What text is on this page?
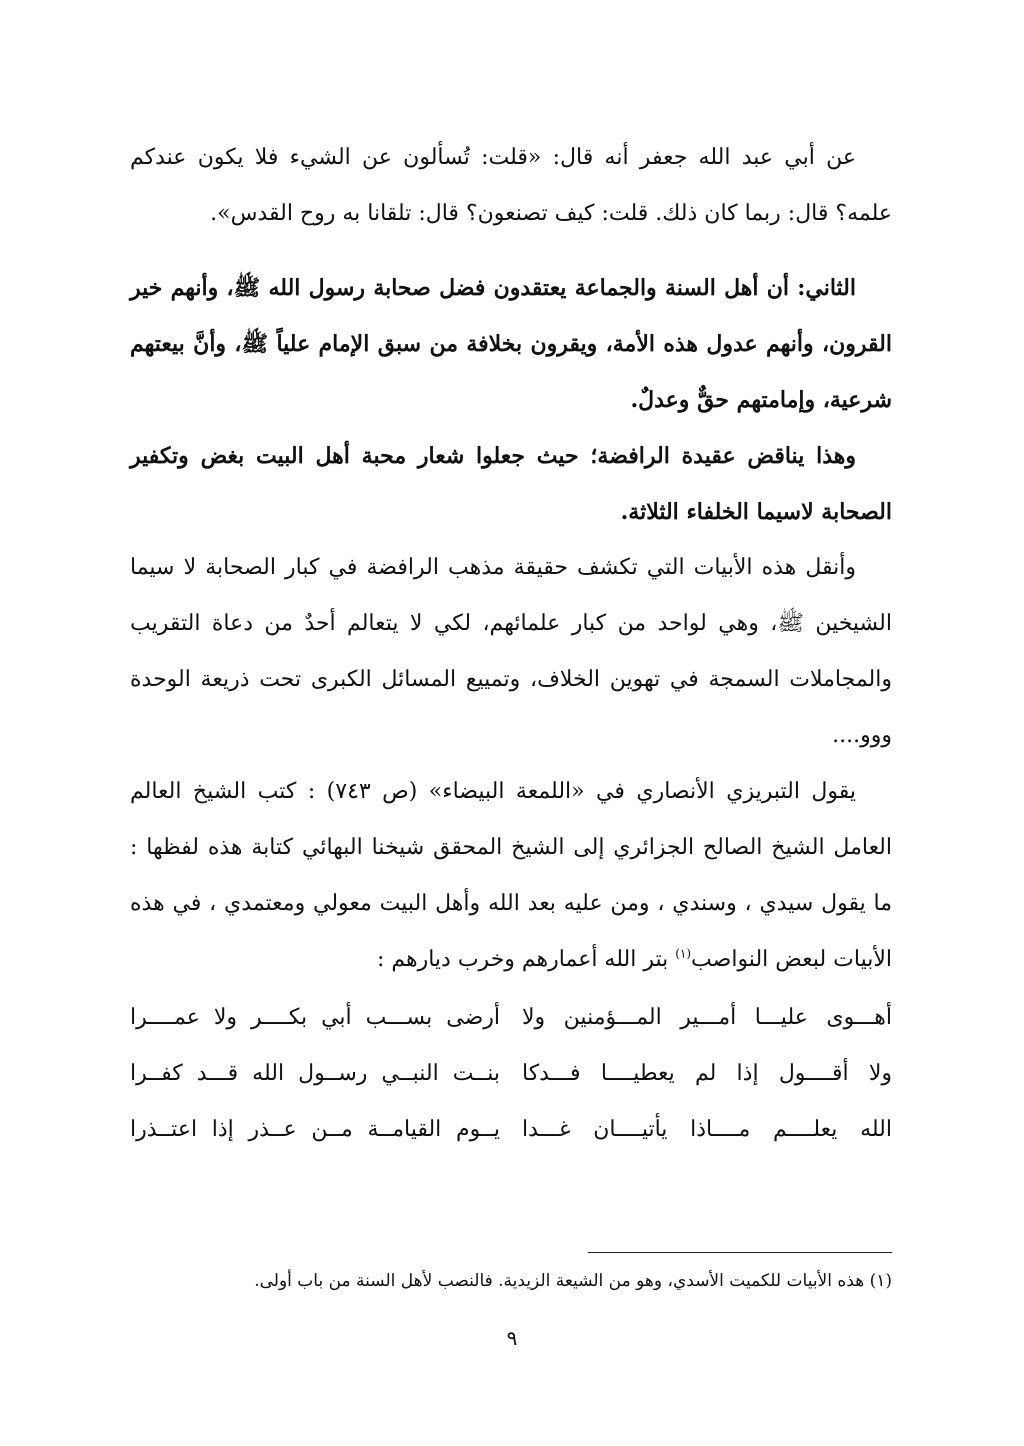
عن أبي عبد الله جعفر أنه قال: «قلت: تُسألون عن الشيء فلا يكون عندكم علمه؟ قال: ربما كان ذلك. قلت: كيف تصنعون؟ قال: تلقانا به روح القدس».

الثاني: أن أهل السنة والجماعة يعتقدون فضل صحابة رسول الله ﷺ، وأنهم خير القرون، وأنهم عدول هذه الأمة، ويقرون بخلافة من سبق الإمام علياً ﷺ، وأنَّ بيعتهم شرعية، وإمامتهم حقٌّ وعدلٌ.

وهذا يناقض عقيدة الرافضة؛ حيث جعلوا شعار محبة أهل البيت بغض وتكفير الصحابة لاسيما الخلفاء الثلاثة.

وأنقل هذه الأبيات التي تكشف حقيقة مذهب الرافضة في كبار الصحابة لا سيما الشيخين ﷺ، وهي لواحد من كبار علمائهم، لكي لا يتعالم أحدٌ من دعاة التقريب والمجاملات السمجة في تهوين الخلاف، وتمييع المسائل الكبرى تحت ذريعة الوحدة ووو....

يقول التبريزي الأنصاري في «اللمعة البيضاء» (ص ٧٤٣) : كتب الشيخ العالم العامل الشيخ الصالح الجزائري إلى الشيخ المحقق شيخنا البهائي كتابة هذه لفظها : ما يقول سيدي ، وسندي ، ومن عليه بعد الله وأهل البيت معولي ومعتمدي ، في هذه الأبيات لبعض النواصب$^{(١)}$ بتر الله أعمارهم وخرب ديارهم :

أهـــوى عليـــا أمـــير المـــؤمنين ولا
أرضى بســـب أبي بكــــر ولا عمــــرا
ولا أقــــول إذا لم يعطيــــا فـــدكا
بنــت النبــي رســول الله قـــد كفــرا
الله يعلــــم مــــاذا يأتيــــان غـــدا
يــوم القيامــة مــن عــذر إذا اعتــذرا
(١) هذه الأبيات للكميت الأسدي، وهو من الشيعة الزيدية. فالنصب لأهل السنة من باب أولى.
٩
